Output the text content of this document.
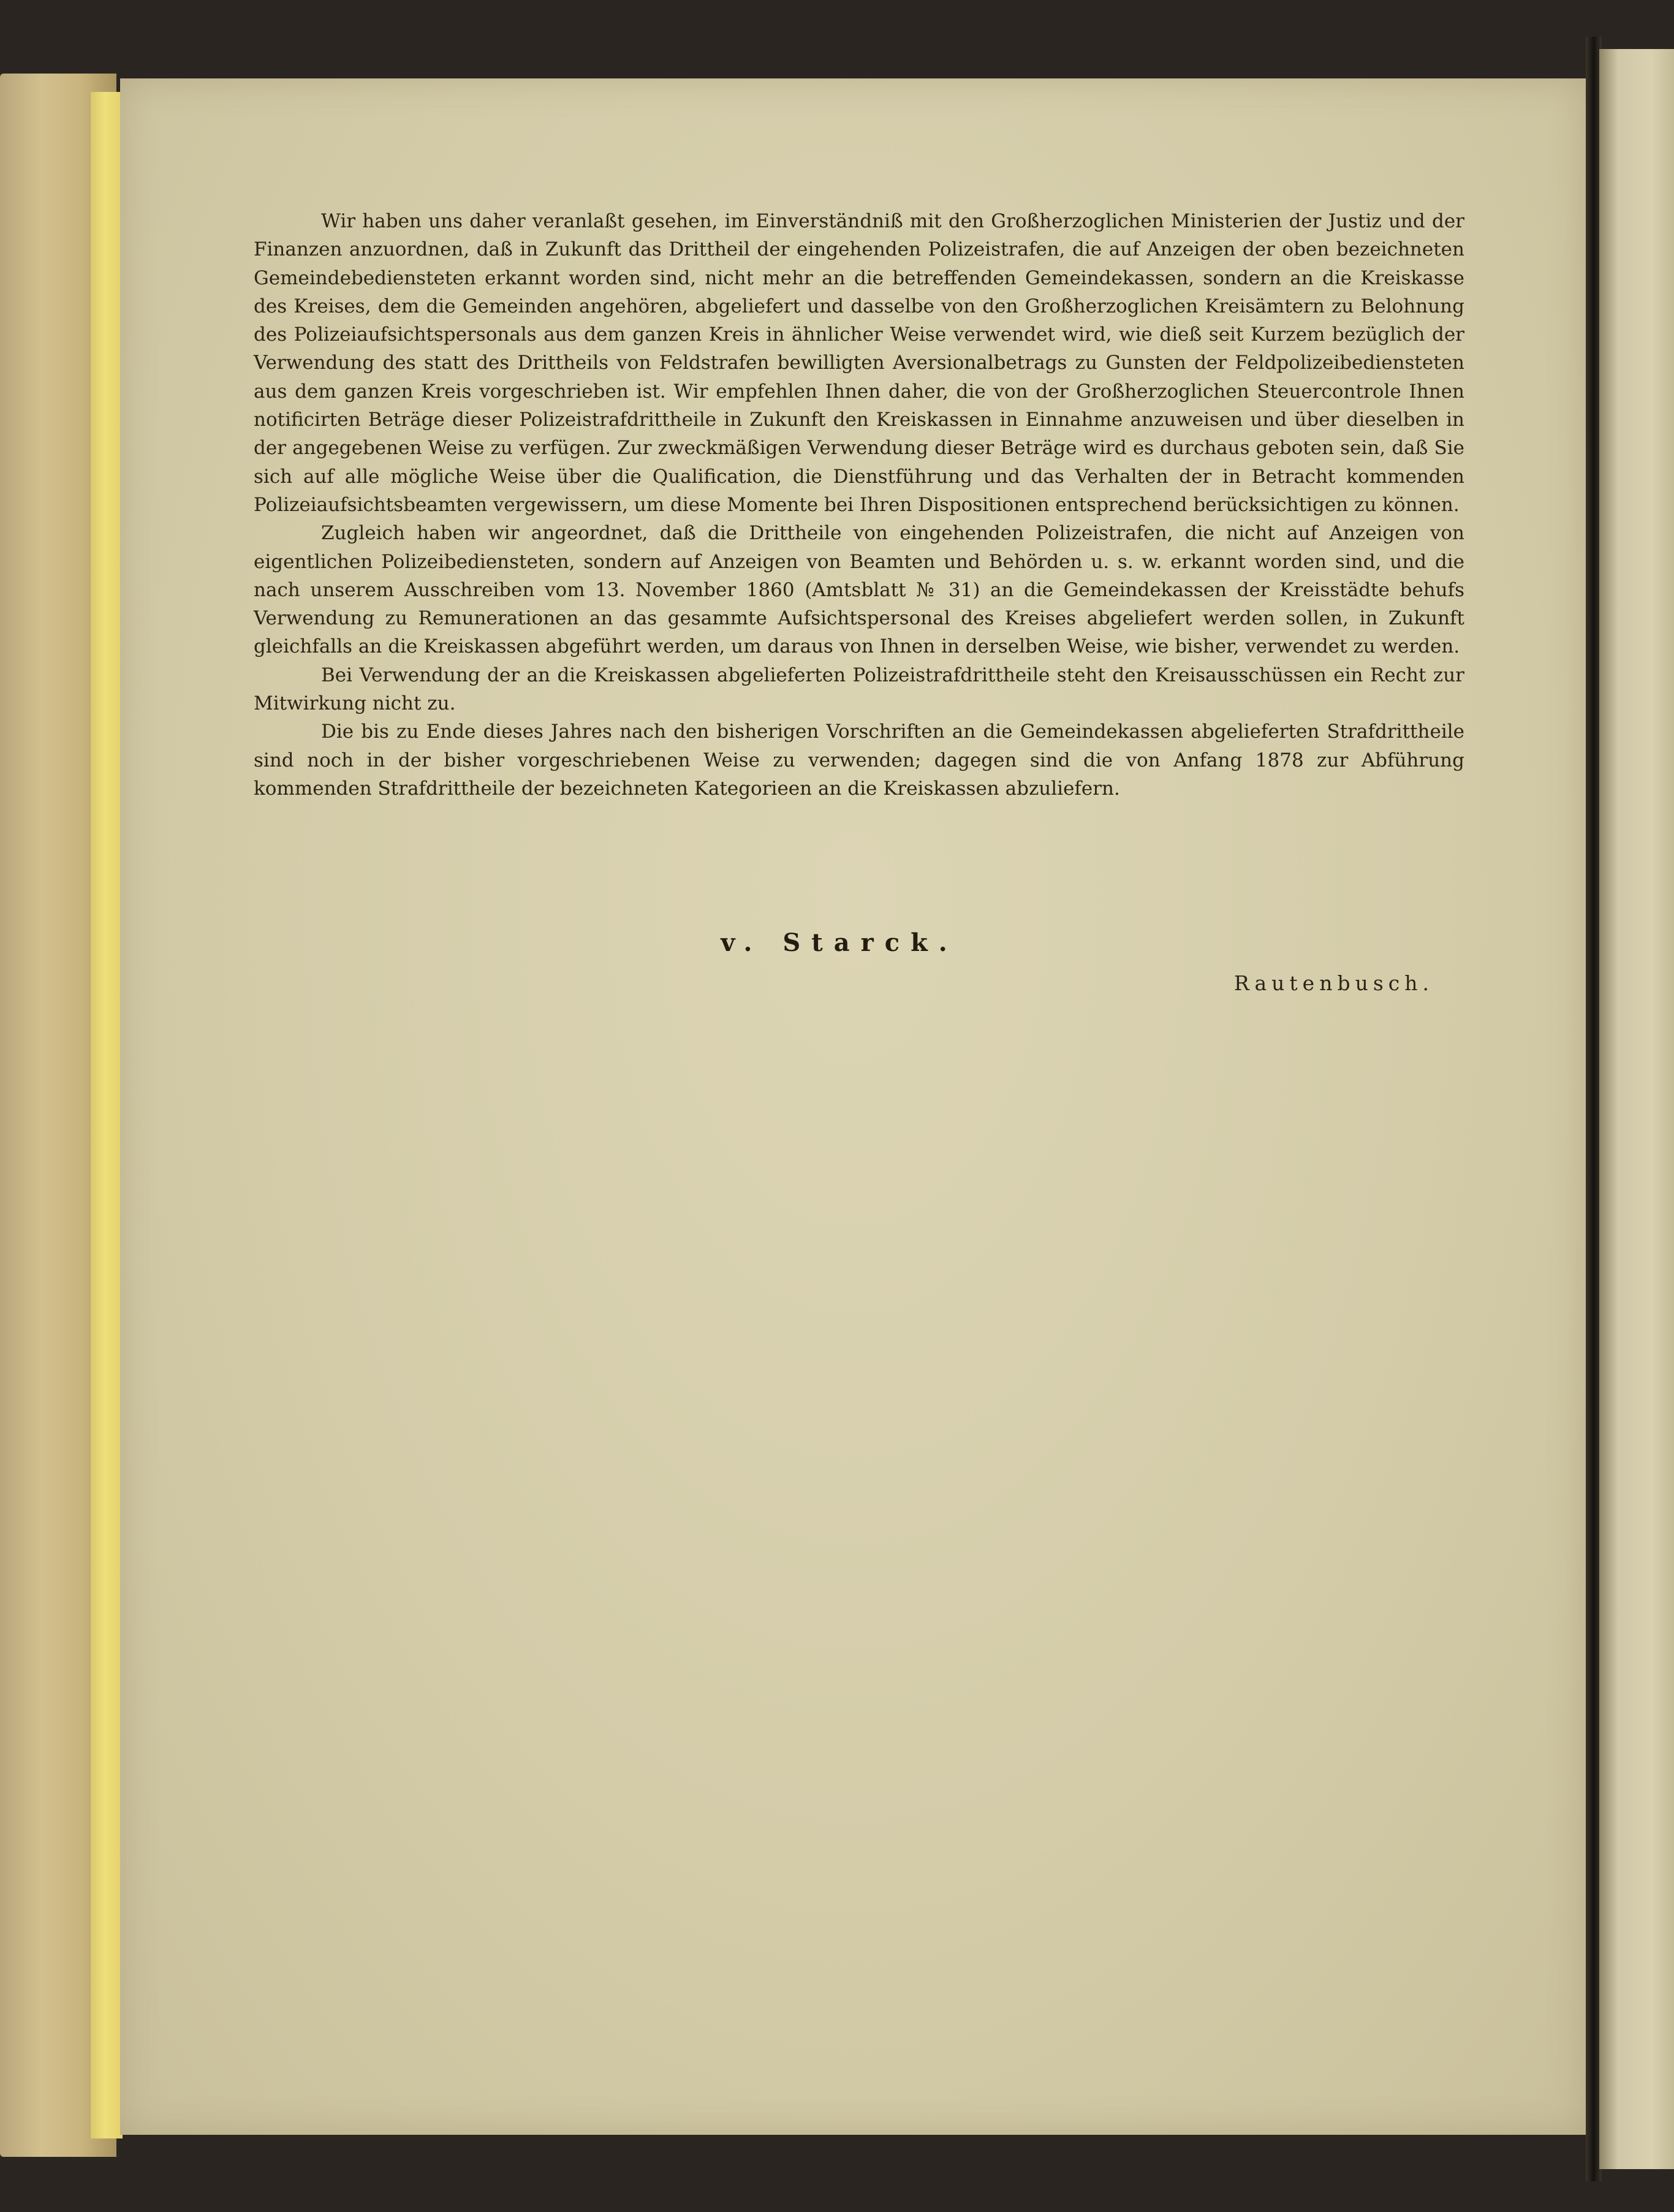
Wir haben uns daher veranlaßt gesehen, im Einverständniß mit den Großherzoglichen Ministerien der Justiz und der Finanzen anzuordnen, daß in Zukunft das Drittheil der eingehenden Polizeistrafen, die auf Anzeigen der oben bezeichneten Gemeindebediensteten erkannt worden sind, nicht mehr an die betreffenden Gemeindekassen, sondern an die Kreiskasse des Kreises, dem die Gemeinden angehören, abgeliefert und dasselbe von den Großherzoglichen Kreisämtern zu Belohnung des Polizeiaufsichtspersonals aus dem ganzen Kreis in ähnlicher Weise verwendet wird, wie dieß seit Kurzem bezüglich der Verwendung des statt des Drittheils von Feldstrafen bewilligten Aversionalbetrags zu Gunsten der Feldpolizeibediensteten aus dem ganzen Kreis vorgeschrieben ist. Wir empfehlen Ihnen daher, die von der Großherzoglichen Steuercontrole Ihnen notificirten Beträge dieser Polizeistrafdrittheile in Zukunft den Kreiskassen in Einnahme anzuweisen und über dieselben in der angegebenen Weise zu verfügen. Zur zweckmäßigen Verwendung dieser Beträge wird es durchaus geboten sein, daß Sie sich auf alle mögliche Weise über die Qualification, die Dienstführung und das Verhalten der in Betracht kommenden Polizeiaufsichtsbeamten vergewissern, um diese Momente bei Ihren Dispositionen entsprechend berücksichtigen zu können.

Zugleich haben wir angeordnet, daß die Drittheile von eingehenden Polizeistrafen, die nicht auf Anzeigen von eigentlichen Polizeibediensteten, sondern auf Anzeigen von Beamten und Behörden u. s. w. erkannt worden sind, und die nach unserem Ausschreiben vom 13. November 1860 (Amtsblatt № 31) an die Gemeindekassen der Kreisstädte behufs Verwendung zu Remunerationen an das gesammte Aufsichtspersonal des Kreises abgeliefert werden sollen, in Zukunft gleichfalls an die Kreiskassen abgeführt werden, um daraus von Ihnen in derselben Weise, wie bisher, verwendet zu werden.

Bei Verwendung der an die Kreiskassen abgelieferten Polizeistrafdrittheile steht den Kreisausschüssen ein Recht zur Mitwirkung nicht zu.

Die bis zu Ende dieses Jahres nach den bisherigen Vorschriften an die Gemeindekassen abgelieferten Strafdrittheile sind noch in der bisher vorgeschriebenen Weise zu verwenden; dagegen sind die von Anfang 1878 zur Abführung kommenden Strafdrittheile der bezeichneten Kategorieen an die Kreiskassen abzuliefern.

v. Starck.
Rautenbusch.
